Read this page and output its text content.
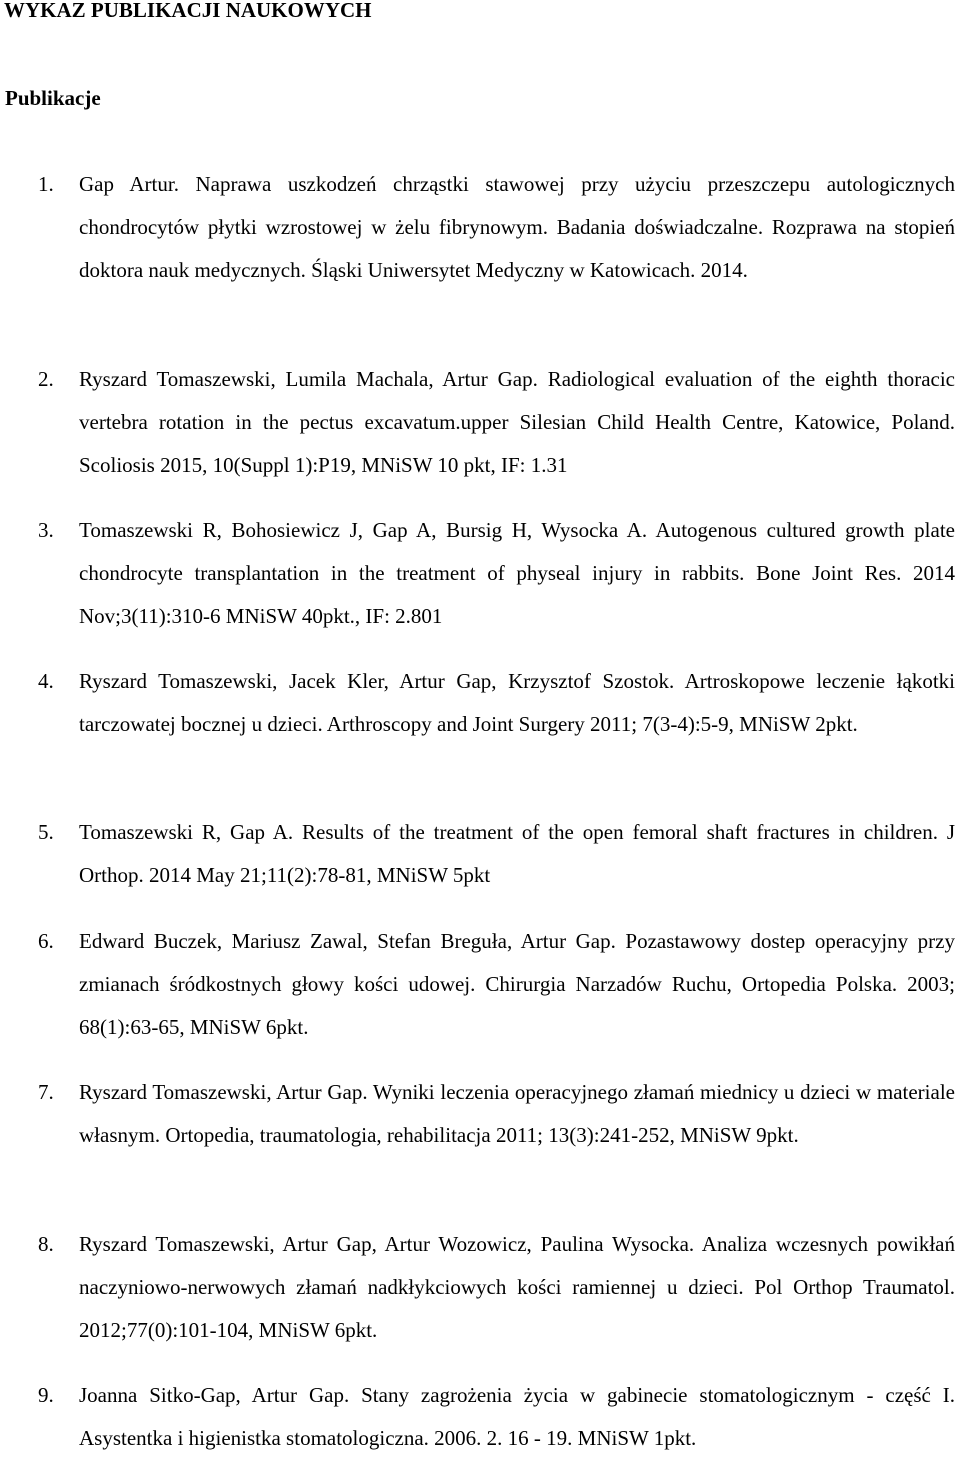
WYKAZ PUBLIKACJI NAUKOWYCH
Publikacje
1. Gap Artur. Naprawa uszkodzeń chrząstki stawowej przy użyciu przeszczepu autologicznych chondrocytów płytki wzrostowej w żelu fibrynowym. Badania doświadczalne. Rozprawa na stopień doktora nauk medycznych. Śląski Uniwersytet Medyczny w Katowicach. 2014.

2. Ryszard Tomaszewski, Lumila Machala, Artur Gap. Radiological evaluation of the eighth thoracic vertebra rotation in the pectus excavatum.upper Silesian Child Health Centre, Katowice, Poland. Scoliosis 2015, 10(Suppl 1):P19, MNiSW 10 pkt, IF: 1.31

3. Tomaszewski R, Bohosiewicz J, Gap A, Bursig H, Wysocka A. Autogenous cultured growth plate chondrocyte transplantation in the treatment of physeal injury in rabbits. Bone Joint Res. 2014 Nov;3(11):310-6 MNiSW 40pkt., IF: 2.801

4. Ryszard Tomaszewski, Jacek Kler, Artur Gap, Krzysztof Szostok. Artroskopowe leczenie łąkotki tarczowatej bocznej u dzieci. Arthroscopy and Joint Surgery 2011; 7(3-4):5-9, MNiSW 2pkt.

5. Tomaszewski R, Gap A. Results of the treatment of the open femoral shaft fractures in children. J Orthop. 2014 May 21;11(2):78-81, MNiSW 5pkt

6. Edward Buczek, Mariusz Zawal, Stefan Breguła, Artur Gap. Pozastawowy dostep operacyjny przy zmianach śródkostnych głowy kości udowej. Chirurgia Narzadów Ruchu, Ortopedia Polska. 2003; 68(1):63-65, MNiSW 6pkt.

7. Ryszard Tomaszewski, Artur Gap. Wyniki leczenia operacyjnego złamań miednicy u dzieci w materiale własnym. Ortopedia, traumatologia, rehabilitacja 2011; 13(3):241-252, MNiSW 9pkt.

8. Ryszard Tomaszewski, Artur Gap, Artur Wozowicz, Paulina Wysocka. Analiza wczesnych powikłań naczyniowo-nerwowych złamań nadkłykciowych kości ramiennej u dzieci. Pol Orthop Traumatol. 2012;77(0):101-104, MNiSW 6pkt.

9. Joanna Sitko-Gap, Artur Gap. Stany zagrożenia życia w gabinecie stomatologicznym - część I. Asystentka i higienistka stomatologiczna. 2006. 2. 16 - 19. MNiSW 1pkt.
